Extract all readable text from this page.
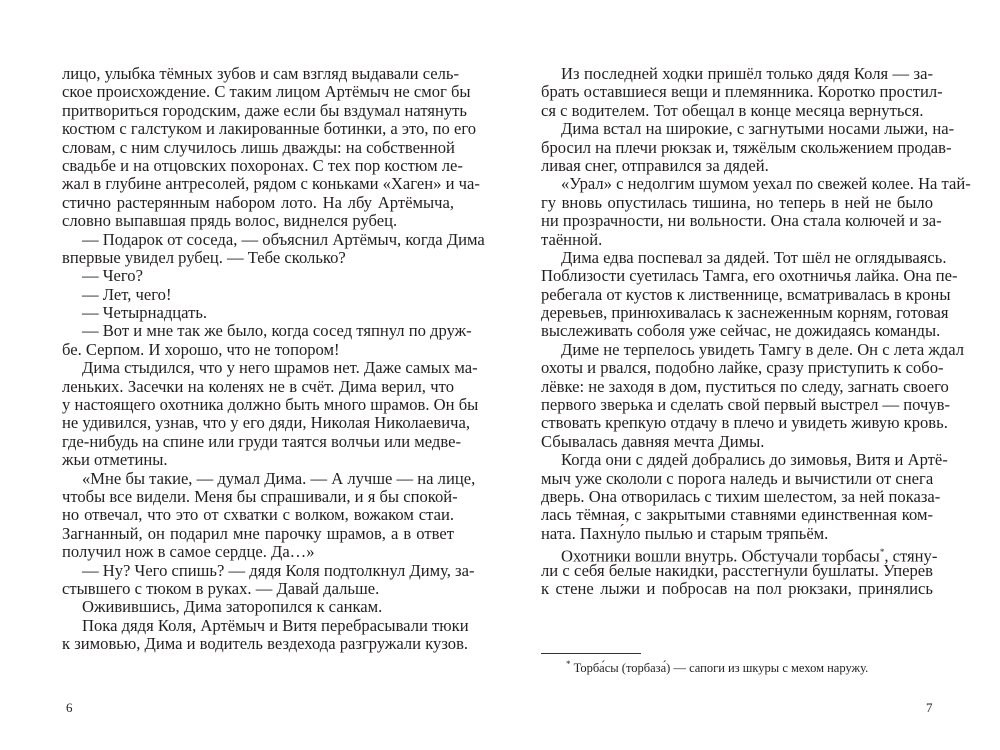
лицо, улыбка тёмных зубов и сам взгляд выдавали сель-
ское происхождение. С таким лицом Артёмыч не смог бы
притвориться городским, даже если бы вздумал натянуть
костюм с галстуком и лакированные ботинки, а это, по его
словам, с ним случилось лишь дважды: на собственной
свадьбе и на отцовских похоронах. С тех пор костюм ле-
жал в глубине антресолей, рядом с коньками «Хаген» и ча-
стично растерянным набором лото. На лбу Артёмыча,
словно выпавшая прядь волос, виднелся рубец.
— Подарок от соседа, — объяснил Артёмыч, когда Дима
впервые увидел рубец. — Тебе сколько?
— Чего?
— Лет, чего!
— Четырнадцать.
— Вот и мне так же было, когда сосед тяпнул по друж-
бе. Серпом. И хорошо, что не топором!
Дима стыдился, что у него шрамов нет. Даже самых ма-
леньких. Засечки на коленях не в счёт. Дима верил, что
у настоящего охотника должно быть много шрамов. Он бы
не удивился, узнав, что у его дяди, Николая Николаевича,
где-нибудь на спине или груди таятся волчьи или медве-
жьи отметины.
«Мне бы такие, — думал Дима. — А лучше — на лице,
чтобы все видели. Меня бы спрашивали, и я бы спокой-
но отвечал, что это от схватки с волком, вожаком стаи.
Загнанный, он подарил мне парочку шрамов, а в ответ
получил нож в самое сердце. Да…»
— Ну? Чего спишь? — дядя Коля подтолкнул Диму, за-
стывшего с тюком в руках. — Давай дальше.
Оживившись, Дима заторопился к санкам.
Пока дядя Коля, Артёмыч и Витя перебрасывали тюки
к зимовью, Дима и водитель вездехода разгружали кузов.
Из последней ходки пришёл только дядя Коля — за-
брать оставшиеся вещи и племянника. Коротко простил-
ся с водителем. Тот обещал в конце месяца вернуться.
Дима встал на широкие, с загнутыми носами лыжи, на-
бросил на плечи рюкзак и, тяжёлым скольжением продав-
ливая снег, отправился за дядей.
«Урал» с недолгим шумом уехал по свежей колее. На тай-
гу вновь опустилась тишина, но теперь в ней не было
ни прозрачности, ни вольности. Она стала колючей и за-
таённой.
Дима едва поспевал за дядей. Тот шёл не оглядываясь.
Поблизости суетилась Тамга, его охотничья лайка. Она пе-
ребегала от кустов к лиственнице, всматривалась в кроны
деревьев, принюхивалась к заснеженным корням, готовая
выслеживать соболя уже сейчас, не дожидаясь команды.
Диме не терпелось увидеть Тамгу в деле. Он с лета ждал
охоты и рвался, подобно лайке, сразу приступить к собо-
лёвке: не заходя в дом, пуститься по следу, загнать своего
первого зверька и сделать свой первый выстрел — почув-
ствовать крепкую отдачу в плечо и увидеть живую кровь.
Сбывалась давняя мечта Димы.
Когда они с дядей добрались до зимовья, Витя и Артё-
мыч уже скололи с порога наледь и вычистили от снега
дверь. Она отворилась с тихим шелестом, за ней показа-
лась тёмная, с закрытыми ставнями единственная ком-
ната. Пахну́ло пылью и старым тряпьём.
Охотники вошли внутрь. Обстучали торбасы*, стяну-
ли с себя белые накидки, расстегнули бушлаты. Уперев
к стене лыжи и побросав на пол рюкзаки, принялись
* Торба́сы (торбаза́) — сапоги из шкуры с мехом наружу.
6	7
